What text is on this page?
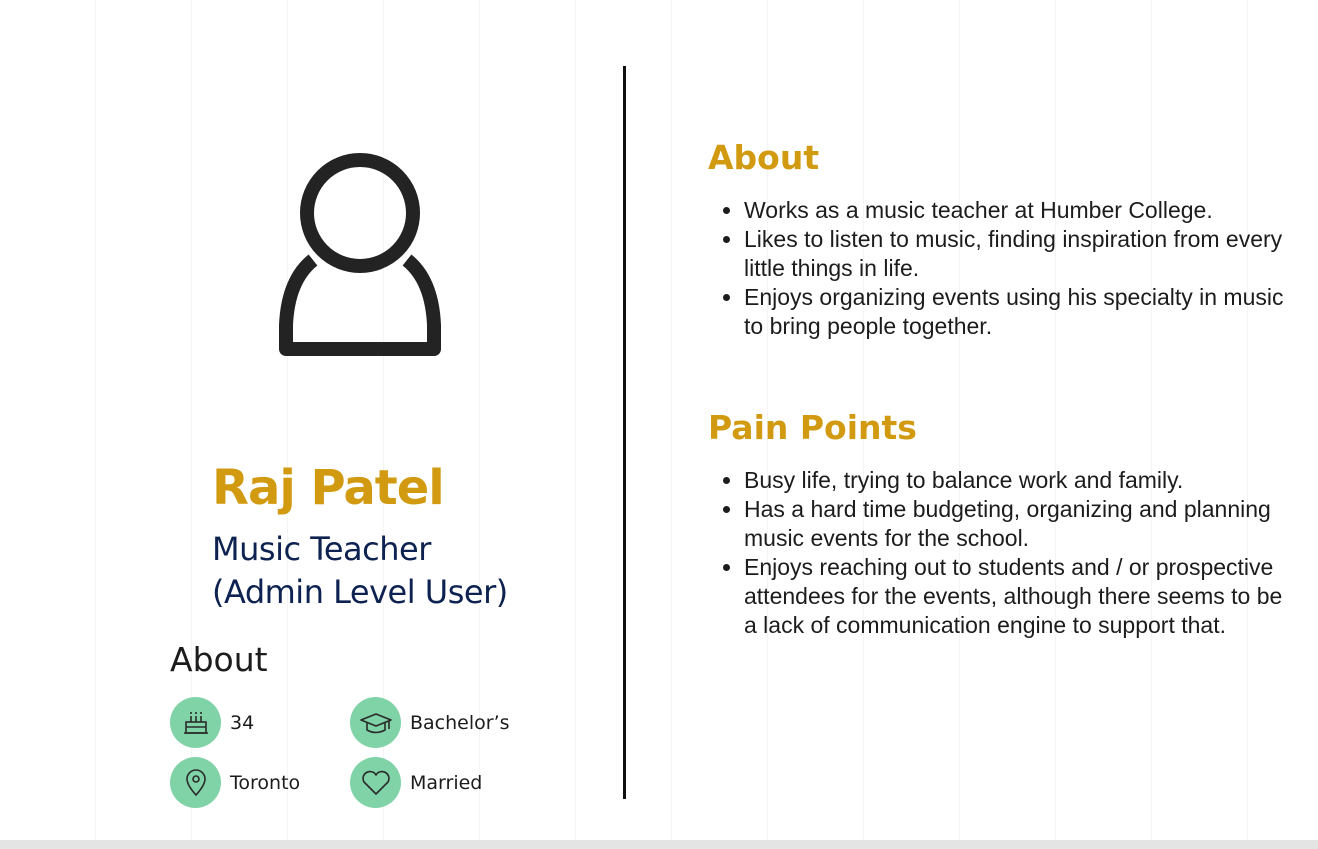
Raj Patel
Music Teacher
(Admin Level User)
About
34	Bachelor’s
Toronto	Married
About
• Works as a music teacher at Humber College.
• Likes to listen to music, finding inspiration from every little things in life.
• Enjoys organizing events using his specialty in music to bring people together.
Pain Points
• Busy life, trying to balance work and family.
• Has a hard time budgeting, organizing and planning music events for the school.
• Enjoys reaching out to students and / or prospective attendees for the events, although there seems to be a lack of communication engine to support that.
